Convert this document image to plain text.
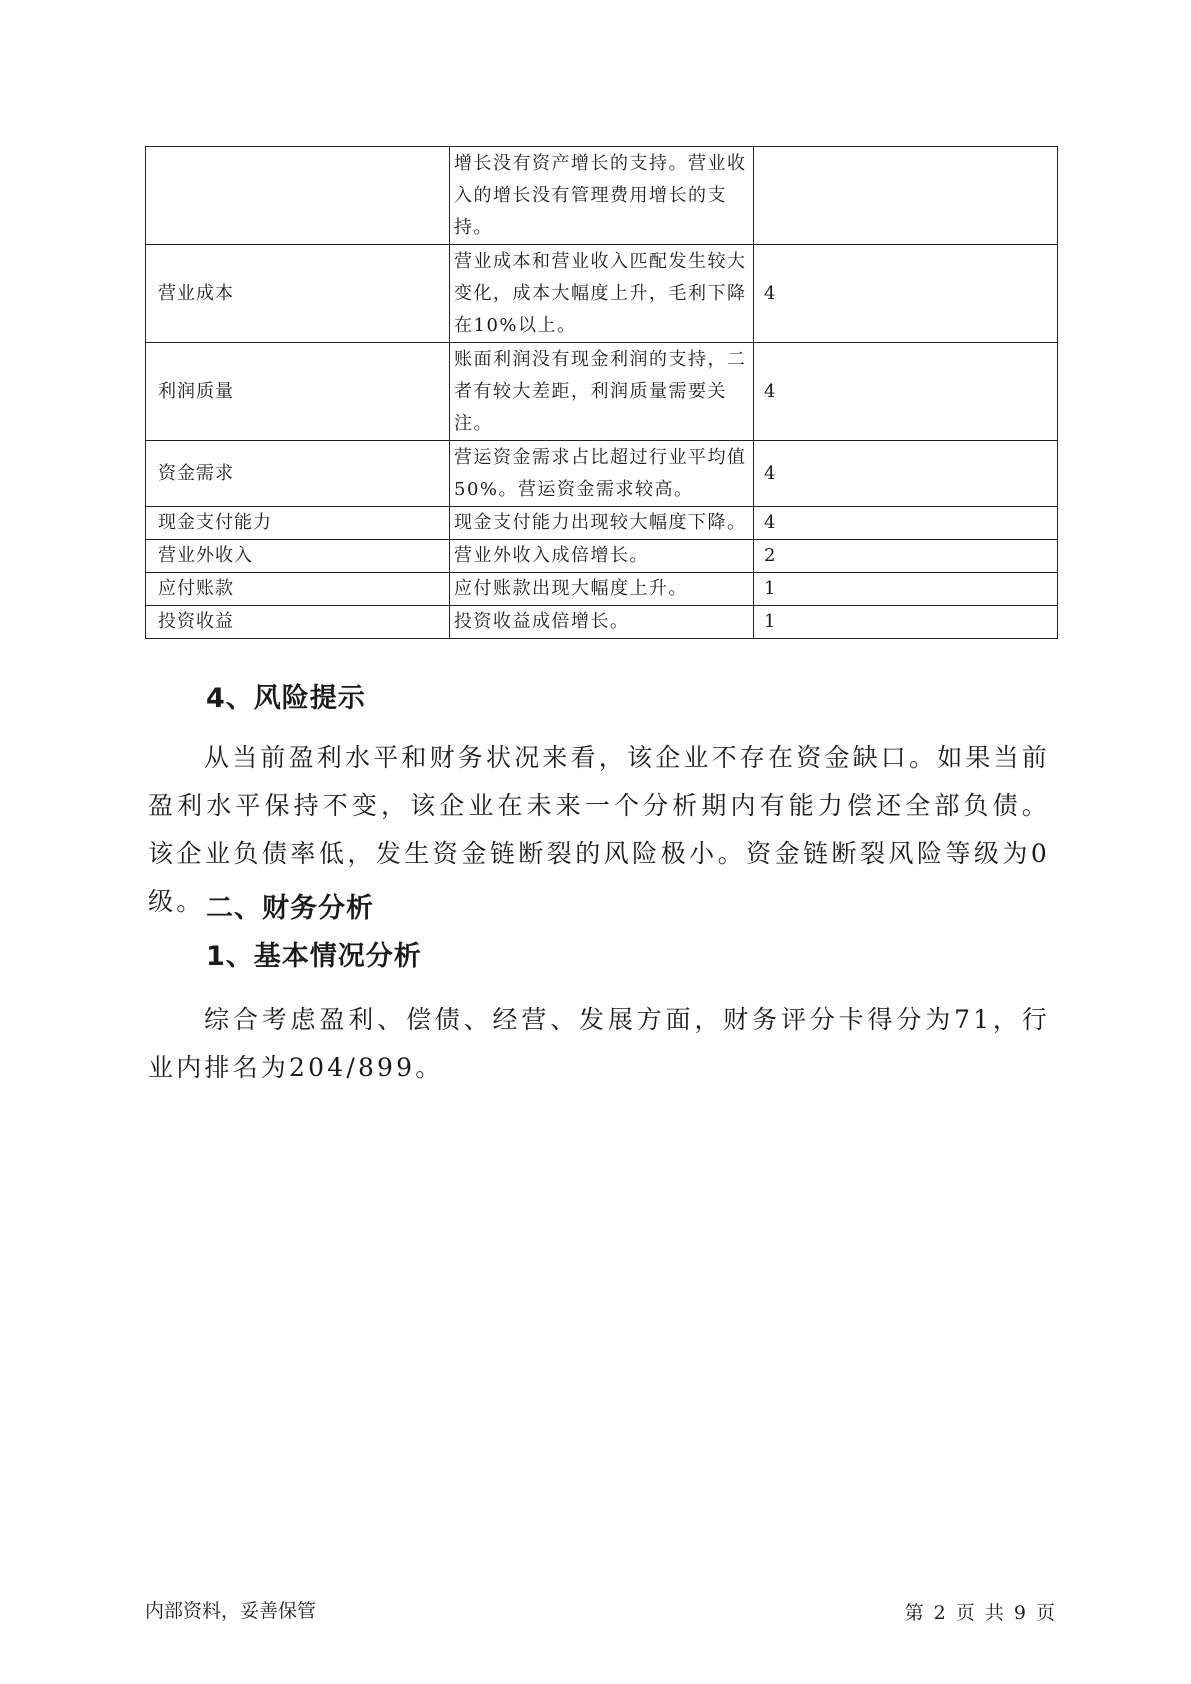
	增长没有资产增长的支持。营业收入的增长没有管理费用增长的支持。	
营业成本	营业成本和营业收入匹配发生较大变化，成本大幅度上升，毛利下降在10%以上。	4
利润质量	账面利润没有现金利润的支持，二者有较大差距，利润质量需要关注。	4
资金需求	营运资金需求占比超过行业平均值50%。营运资金需求较高。	4
现金支付能力	现金支付能力出现较大幅度下降。	4
营业外收入	营业外收入成倍增长。	2
应付账款	应付账款出现大幅度上升。	1
投资收益	投资收益成倍增长。	1
4、风险提示
从当前盈利水平和财务状况来看，该企业不存在资金缺口。如果当前盈利水平保持不变，该企业在未来一个分析期内有能力偿还全部负债。该企业负债率低，发生资金链断裂的风险极小。资金链断裂风险等级为0级。 二、财务分析
1、基本情况分析
综合考虑盈利、偿债、经营、发展方面，财务评分卡得分为71，行业内排名为204/899。
内部资料，妥善保管	第 2 页 共 9 页
